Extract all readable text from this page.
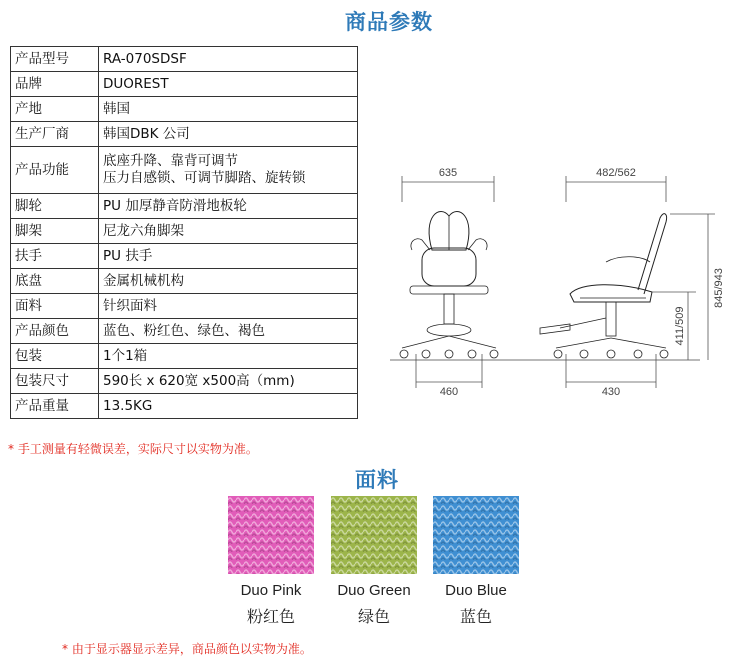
商品参数
产品型号	RA-070SDSF
品牌	DUOREST
产地	韩国
生产厂商	韩国DBK 公司
产品功能	底座升降、靠背可调节
压力自感锁、可调节脚踏、旋转锁

脚轮	PU 加厚静音防滑地板轮
脚架	尼龙六角脚架
扶手	PU 扶手
底盘	金属机械机构
面料	针织面料
产品颜色	蓝色、粉红色、绿色、褐色
包装	1个1箱
包装尺寸	590长 x 620宽 x500高（mm)
产品重量	13.5KG
* 手工测量有轻微误差，实际尺寸以实物为准。
635
460
482/562
430
845/943
411/509
面料
Duo Pink	Duo Green	Duo Blue
粉红色	绿色	蓝色
* 由于显示器显示差异，商品颜色以实物为准。
